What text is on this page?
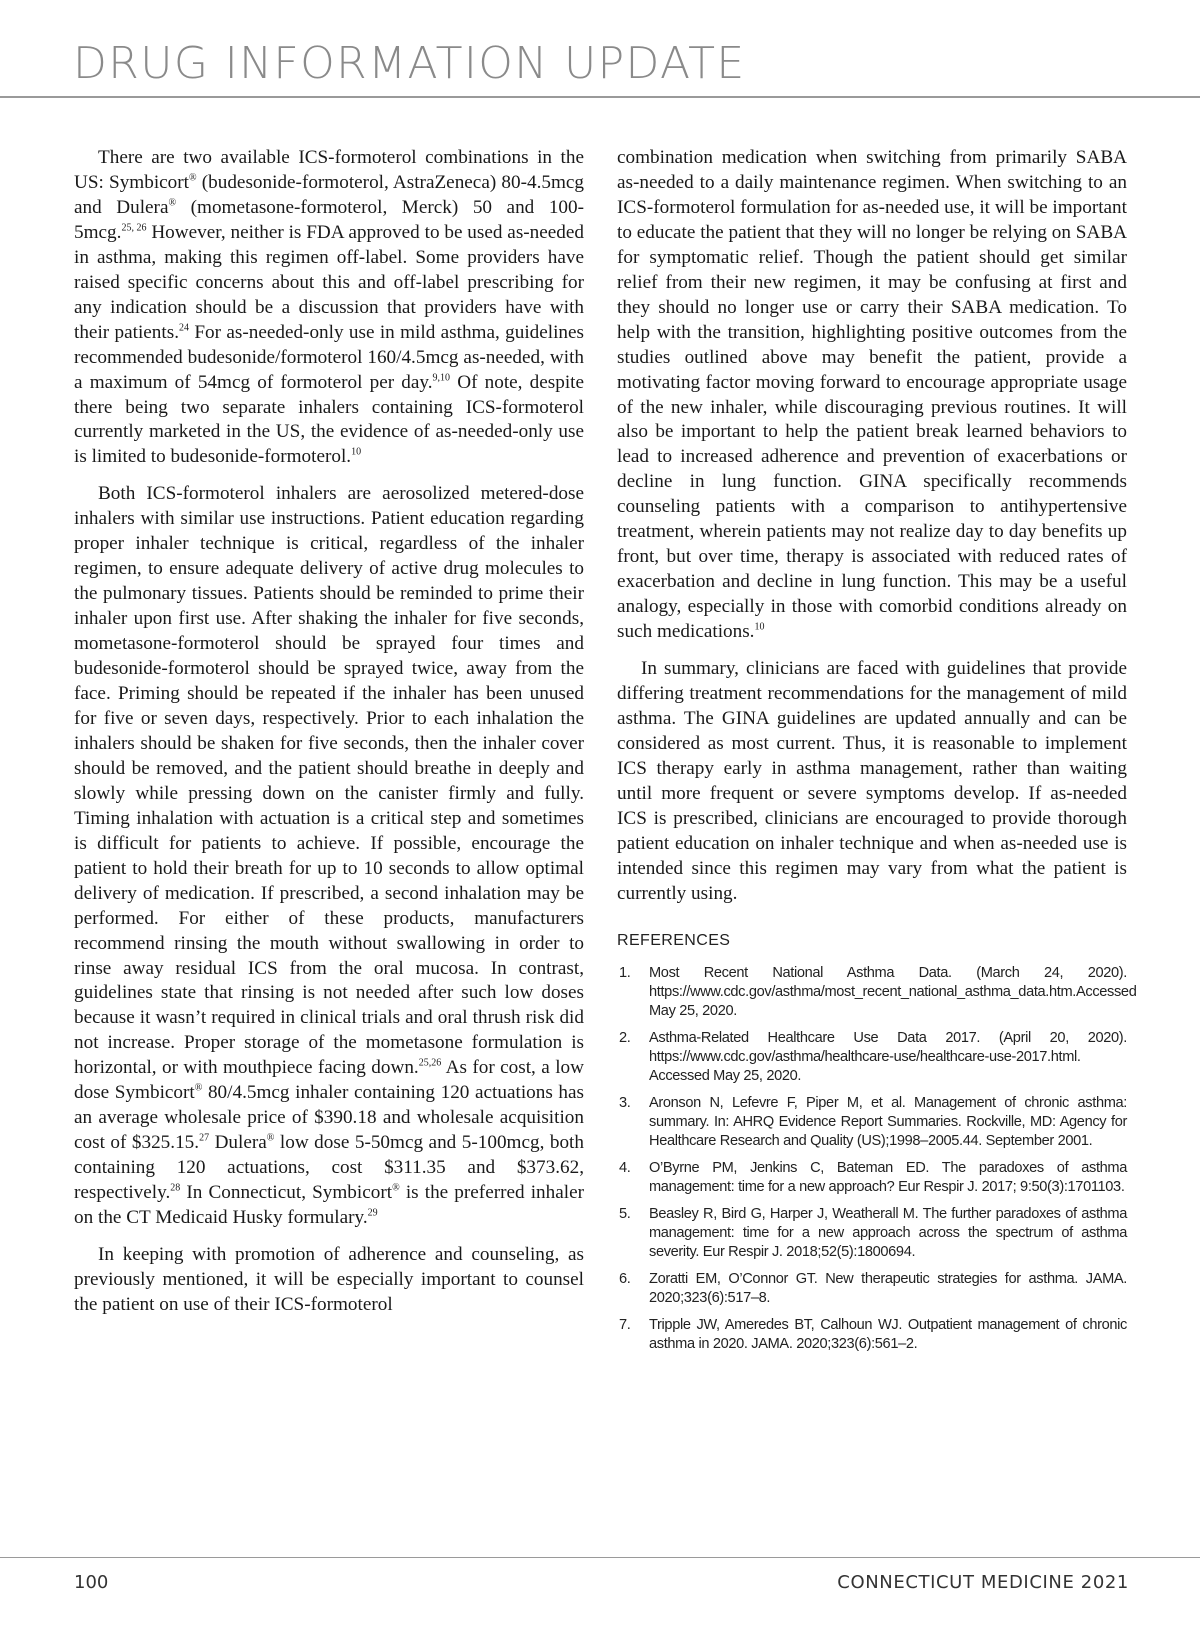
DRUG INFORMATION UPDATE

There are two available ICS-formoterol combinations in the US: Symbicort® (budesonide-formoterol, AstraZeneca) 80-4.5mcg and Dulera® (mometasone-formoterol, Merck) 50 and 100-5mcg.$^{25, 26}$ However, neither is FDA approved to be used as-needed in asthma, making this regimen off-label. Some providers have raised specific concerns about this and off-label prescribing for any indication should be a discussion that providers have with their patients.$^{24}$ For as-needed-only use in mild asthma, guidelines recommended budesonide/formoterol 160/4.5mcg as-needed, with a maximum of 54mcg of formoterol per day.$^{9,10}$ Of note, despite there being two separate inhalers containing ICS-formoterol currently marketed in the US, the evidence of as-needed-only use is limited to budesonide-formoterol.$^{10}$

Both ICS-formoterol inhalers are aerosolized metered-dose inhalers with similar use instructions. Patient education regarding proper inhaler technique is critical, regardless of the inhaler regimen, to ensure adequate delivery of active drug molecules to the pulmonary tissues. Patients should be reminded to prime their inhaler upon first use. After shaking the inhaler for five seconds, mometasone-formoterol should be sprayed four times and budesonide-formoterol should be sprayed twice, away from the face. Priming should be repeated if the inhaler has been unused for five or seven days, respectively. Prior to each inhalation the inhalers should be shaken for five seconds, then the inhaler cover should be removed, and the patient should breathe in deeply and slowly while pressing down on the canister firmly and fully. Timing inhalation with actuation is a critical step and sometimes is difficult for patients to achieve. If possible, encourage the patient to hold their breath for up to 10 seconds to allow optimal delivery of medication. If prescribed, a second inhalation may be performed. For either of these products, manufacturers recommend rinsing the mouth without swallowing in order to rinse away residual ICS from the oral mucosa. In contrast, guidelines state that rinsing is not needed after such low doses because it wasn’t required in clinical trials and oral thrush risk did not increase. Proper storage of the mometasone formulation is horizontal, or with mouthpiece facing down.$^{25,26}$ As for cost, a low dose Symbicort® 80/4.5mcg inhaler containing 120 actuations has an average wholesale price of $390.18 and wholesale acquisition cost of $325.15.27 Dulera® low dose 5-50mcg and 5-100mcg, both containing 120 actuations, cost $311.35 and $373.62, respectively.$^{28}$ In Connecticut, Symbicort® is the preferred inhaler on the CT Medicaid Husky formulary.$^{29}$

In keeping with promotion of adherence and counseling, as previously mentioned, it will be especially important to counsel the patient on use of their ICS-formoterol

combination medication when switching from primarily SABA as-needed to a daily maintenance regimen. When switching to an ICS-formoterol formulation for as-needed use, it will be important to educate the patient that they will no longer be relying on SABA for symptomatic relief. Though the patient should get similar relief from their new regimen, it may be confusing at first and they should no longer use or carry their SABA medication. To help with the transition, highlighting positive outcomes from the studies outlined above may benefit the patient, provide a motivating factor moving forward to encourage appropriate usage of the new inhaler, while discouraging previous routines. It will also be important to help the patient break learned behaviors to lead to increased adherence and prevention of exacerbations or decline in lung function. GINA specifically recommends counseling patients with a comparison to antihypertensive treatment, wherein patients may not realize day to day benefits up front, but over time, therapy is associated with reduced rates of exacerbation and decline in lung function. This may be a useful analogy, especially in those with comorbid conditions already on such medications.$^{10}$

In summary, clinicians are faced with guidelines that provide differing treatment recommendations for the management of mild asthma. The GINA guidelines are updated annually and can be considered as most current. Thus, it is reasonable to implement ICS therapy early in asthma management, rather than waiting until more frequent or severe symptoms develop. If as-needed ICS is prescribed, clinicians are encouraged to provide thorough patient education on inhaler technique and when as-needed use is intended since this regimen may vary from what the patient is currently using.

REFERENCES
1. Most Recent National Asthma Data. (March 24, 2020). https://www.cdc.gov/asthma/most_recent_national_asthma_data.htm.Accessed May 25, 2020.
2. Asthma-Related Healthcare Use Data 2017. (April 20, 2020). https://www.cdc.gov/asthma/healthcare-use/healthcare-use-2017.html. Accessed May 25, 2020.
3. Aronson N, Lefevre F, Piper M, et al. Management of chronic asthma: summary. In: AHRQ Evidence Report Summaries. Rockville, MD: Agency for Healthcare Research and Quality (US);1998–2005.44. September 2001.
4. O’Byrne PM, Jenkins C, Bateman ED. The paradoxes of asthma management: time for a new approach? Eur Respir J. 2017; 9:50(3):1701103.
5. Beasley R, Bird G, Harper J, Weatherall M. The further paradoxes of asthma management: time for a new approach across the spectrum of asthma severity. Eur Respir J. 2018;52(5):1800694.
6. Zoratti EM, O’Connor GT. New therapeutic strategies for asthma. JAMA. 2020;323(6):517–8.
7. Tripple JW, Ameredes BT, Calhoun WJ. Outpatient management of chronic asthma in 2020. JAMA. 2020;323(6):561–2.
100	CONNECTICUT MEDICINE 2021
